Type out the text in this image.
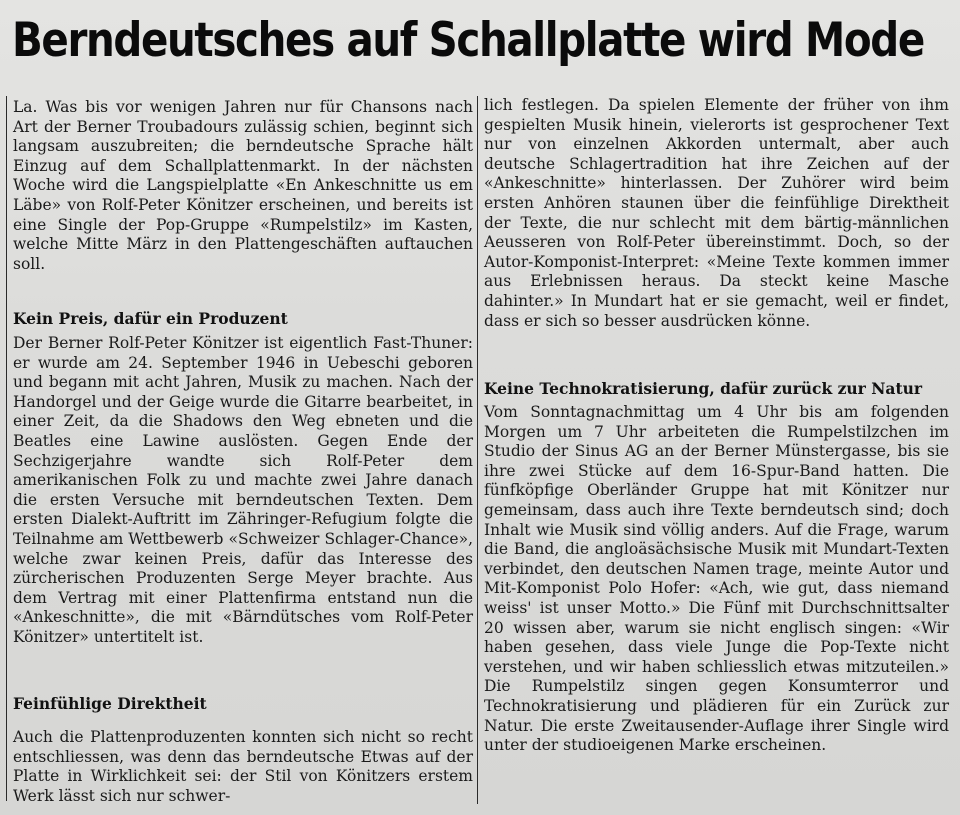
Berndeutsches auf Schallplatte wird Mode

La. Was bis vor wenigen Jahren nur für Chansons nach Art der Berner Troubadours zulässig schien, beginnt sich langsam auszubreiten; die berndeutsche Sprache hält Einzug auf dem Schallplattenmarkt. In der nächsten Woche wird die Langspielplatte «En Ankeschnitte us em Läbe» von Rolf-Peter Könitzer erscheinen, und bereits ist eine Single der Pop-Gruppe «Rumpelstilz» im Kasten, welche Mitte März in den Plattengeschäften auftauchen soll.

Kein Preis, dafür ein Produzent

Der Berner Rolf-Peter Könitzer ist eigentlich Fast-Thuner: er wurde am 24. September 1946 in Uebeschi geboren und begann mit acht Jahren, Musik zu machen. Nach der Handorgel und der Geige wurde die Gitarre bearbeitet, in einer Zeit, da die Shadows den Weg ebneten und die Beatles eine Lawine auslösten. Gegen Ende der Sechzigerjahre wandte sich Rolf-Peter dem amerikanischen Folk zu und machte zwei Jahre danach die ersten Versuche mit berndeutschen Texten. Dem ersten Dialekt-Auftritt im Zähringer-Refugium folgte die Teilnahme am Wettbewerb «Schweizer Schlager-Chance», welche zwar keinen Preis, dafür das Interesse des zürcherischen Produzenten Serge Meyer brachte. Aus dem Vertrag mit einer Plattenfirma entstand nun die «Ankeschnitte», die mit «Bärndütsches vom Rolf-Peter Könitzer» untertitelt ist.

Feinfühlige Direktheit

Auch die Plattenproduzenten konnten sich nicht so recht entschliessen, was denn das berndeutsche Etwas auf der Platte in Wirklichkeit sei: der Stil von Könitzers erstem Werk lässt sich nur schwer-

lich festlegen. Da spielen Elemente der früher von ihm gespielten Musik hinein, vielerorts ist gesprochener Text nur von einzelnen Akkorden untermalt, aber auch deutsche Schlagertradition hat ihre Zeichen auf der «Ankeschnitte» hinterlassen. Der Zuhörer wird beim ersten Anhören staunen über die feinfühlige Direktheit der Texte, die nur schlecht mit dem bärtig-männlichen Aeusseren von Rolf-Peter übereinstimmt. Doch, so der Autor-Komponist-Interpret: «Meine Texte kommen immer aus Erlebnissen heraus. Da steckt keine Masche dahinter.» In Mundart hat er sie gemacht, weil er findet, dass er sich so besser ausdrücken könne.

Keine Technokratisierung, dafür zurück zur Natur

Vom Sonntagnachmittag um 4 Uhr bis am folgenden Morgen um 7 Uhr arbeiteten die Rumpelstilzchen im Studio der Sinus AG an der Berner Münstergasse, bis sie ihre zwei Stücke auf dem 16-Spur-Band hatten. Die fünfköpfige Oberländer Gruppe hat mit Könitzer nur gemeinsam, dass auch ihre Texte berndeutsch sind; doch Inhalt wie Musik sind völlig anders. Auf die Frage, warum die Band, die angloäsächsische Musik mit Mundart-Texten verbindet, den deutschen Namen trage, meinte Autor und Mit-Komponist Polo Hofer: «Ach, wie gut, dass niemand weiss' ist unser Motto.» Die Fünf mit Durchschnittsalter 20 wissen aber, warum sie nicht englisch singen: «Wir haben gesehen, dass viele Junge die Pop-Texte nicht verstehen, und wir haben schliesslich etwas mitzuteilen.» Die Rumpelstilz singen gegen Konsumterror und Technokratisierung und plädieren für ein Zurück zur Natur. Die erste Zweitausender-Auflage ihrer Single wird unter der studioeigenen Marke erscheinen.
